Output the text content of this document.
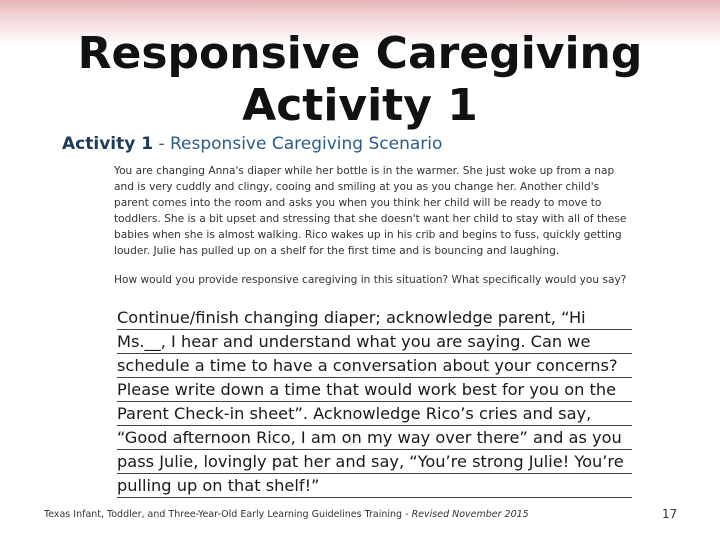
Responsive Caregiving
Activity 1
Activity 1 - Responsive Caregiving Scenario

You are changing Anna's diaper while her bottle is in the warmer. She just woke up from a nap and is very cuddly and clingy, cooing and smiling at you as you change her. Another child's parent comes into the room and asks you when you think her child will be ready to move to toddlers. She is a bit upset and stressing that she doesn't want her child to stay with all of these babies when she is almost walking. Rico wakes up in his crib and begins to fuss, quickly getting louder. Julie has pulled up on a shelf for the first time and is bouncing and laughing.

How would you provide responsive caregiving in this situation? What specifically would you say?

Continue/finish changing diaper; acknowledge parent, “Hi Ms.__, I hear and understand what you are saying. Can we schedule a time to have a conversation about your concerns? Please write down a time that would work best for you on the Parent Check-in sheet”. Acknowledge Rico’s cries and say, “Good afternoon Rico, I am on my way over there” and as you pass Julie, lovingly pat her and say, “You’re strong Julie! You’re pulling up on that shelf!”

Texas Infant, Toddler, and Three-Year-Old Early Learning Guidelines Training - Revised November 2015	17
